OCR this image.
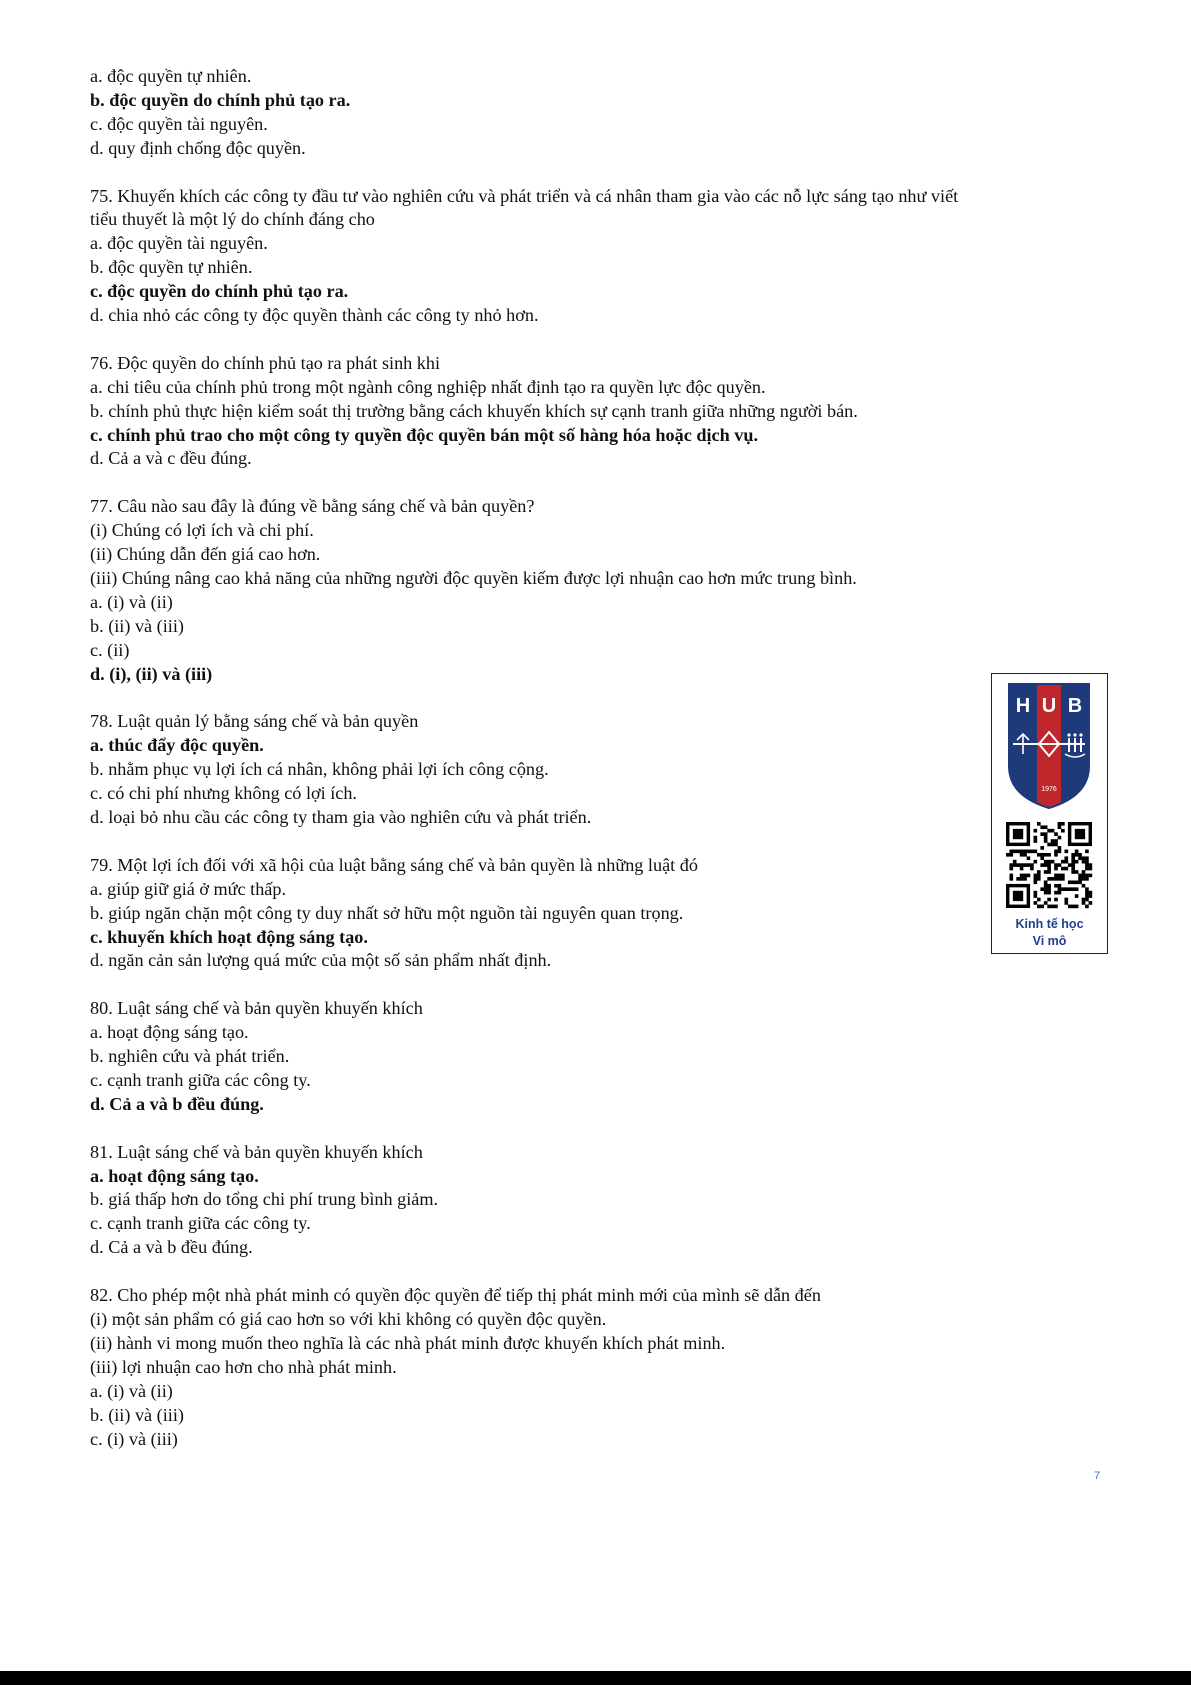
a. độc quyền tự nhiên.
b. độc quyền do chính phủ tạo ra.
c. độc quyền tài nguyên.
d. quy định chống độc quyền.
75. Khuyến khích các công ty đầu tư vào nghiên cứu và phát triển và cá nhân tham gia vào các nỗ lực sáng tạo như viết
tiểu thuyết là một lý do chính đáng cho
a. độc quyền tài nguyên.
b. độc quyền tự nhiên.
c. độc quyền do chính phủ tạo ra.
d. chia nhỏ các công ty độc quyền thành các công ty nhỏ hơn.
76. Độc quyền do chính phủ tạo ra phát sinh khi
a. chi tiêu của chính phủ trong một ngành công nghiệp nhất định tạo ra quyền lực độc quyền.
b. chính phủ thực hiện kiểm soát thị trường bằng cách khuyến khích sự cạnh tranh giữa những người bán.
c. chính phủ trao cho một công ty quyền độc quyền bán một số hàng hóa hoặc dịch vụ.
d. Cả a và c đều đúng.
77. Câu nào sau đây là đúng về bằng sáng chế và bản quyền?
(i) Chúng có lợi ích và chi phí.
(ii) Chúng dẫn đến giá cao hơn.
(iii) Chúng nâng cao khả năng của những người độc quyền kiếm được lợi nhuận cao hơn mức trung bình.
a. (i) và (ii)
b. (ii) và (iii)
c. (ii)
d. (i), (ii) và (iii)
78. Luật quản lý bằng sáng chế và bản quyền
a. thúc đẩy độc quyền.
b. nhằm phục vụ lợi ích cá nhân, không phải lợi ích công cộng.
c. có chi phí nhưng không có lợi ích.
d. loại bỏ nhu cầu các công ty tham gia vào nghiên cứu và phát triển.
79. Một lợi ích đối với xã hội của luật bằng sáng chế và bản quyền là những luật đó
a. giúp giữ giá ở mức thấp.
b. giúp ngăn chặn một công ty duy nhất sở hữu một nguồn tài nguyên quan trọng.
c. khuyến khích hoạt động sáng tạo.
d. ngăn cản sản lượng quá mức của một số sản phẩm nhất định.
80. Luật sáng chế và bản quyền khuyến khích
a. hoạt động sáng tạo.
b. nghiên cứu và phát triển.
c. cạnh tranh giữa các công ty.
d. Cả a và b đều đúng.
81. Luật sáng chế và bản quyền khuyến khích
a. hoạt động sáng tạo.
b. giá thấp hơn do tổng chi phí trung bình giảm.
c. cạnh tranh giữa các công ty.
d. Cả a và b đều đúng.
82. Cho phép một nhà phát minh có quyền độc quyền để tiếp thị phát minh mới của mình sẽ dẫn đến
(i) một sản phẩm có giá cao hơn so với khi không có quyền độc quyền.
(ii) hành vi mong muốn theo nghĩa là các nhà phát minh được khuyến khích phát minh.
(iii) lợi nhuận cao hơn cho nhà phát minh.
a. (i) và (ii)
b. (ii) và (iii)
c. (i) và (iii)
H U B
1976
Kinh tế học
Vi mô
7
